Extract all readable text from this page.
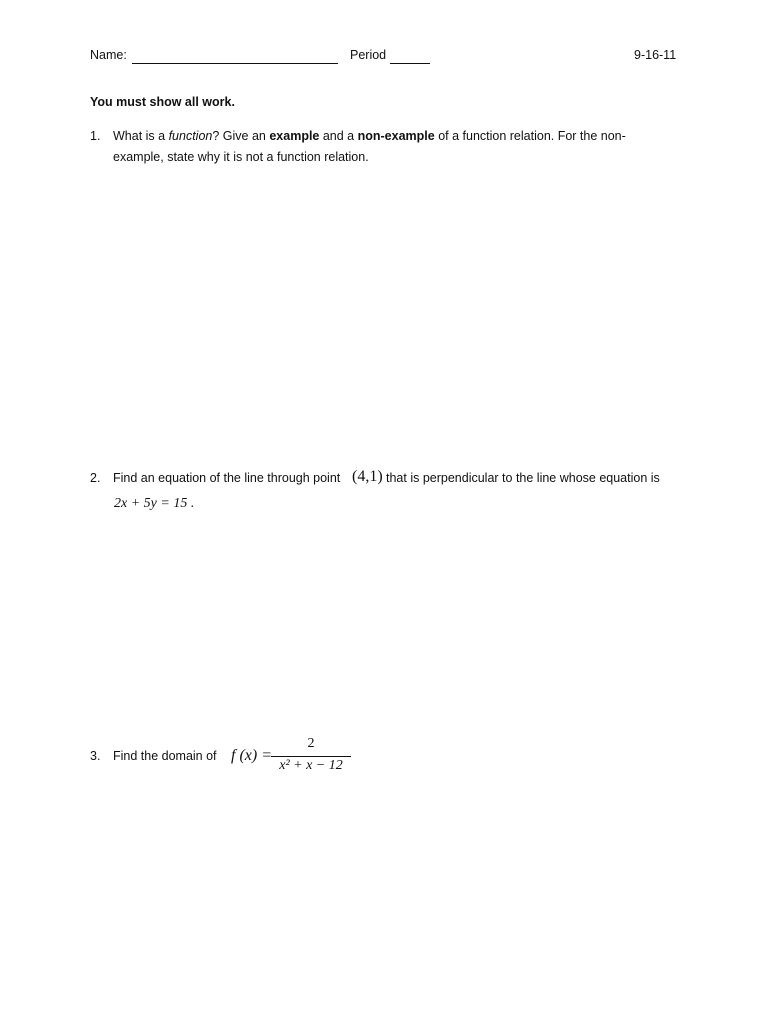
Name:	Period	9-16-11
You must show all work.
1. What is a function? Give an example and a non-example of a function relation. For the non-
example, state why it is not a function relation.
2. Find an equation of the line through point (4,1) that is perpendicular to the line whose equation is
2x + 5y = 15 .
3. Find the domain of f (x) =
2
x² + x − 12
